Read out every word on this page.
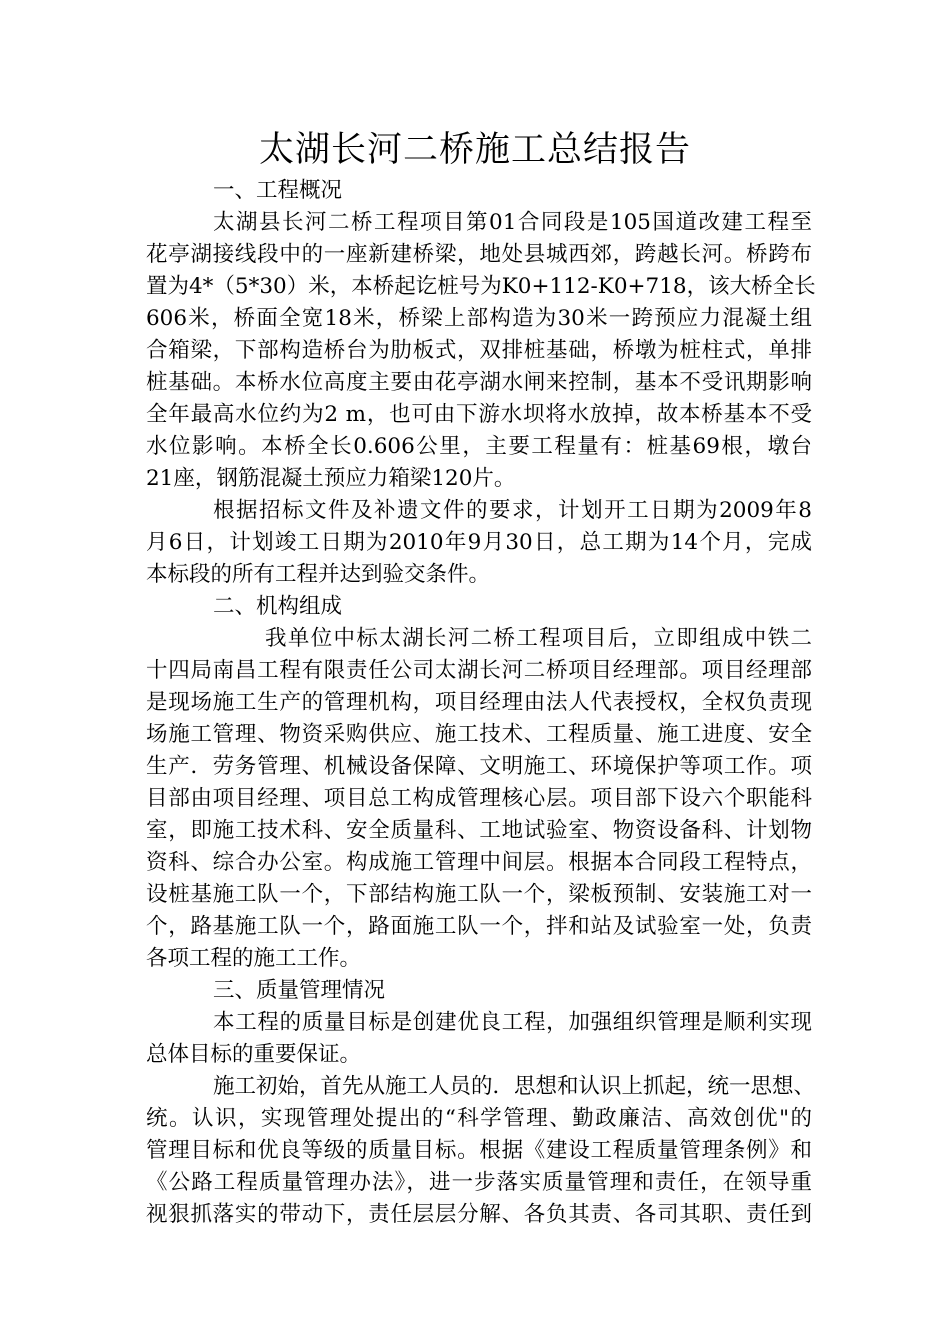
太湖长河二桥施工总结报告
一、工程概况
太湖县长河二桥工程项目第01合同段是105国道改建工程至
花亭湖接线段中的一座新建桥梁，地处县城西郊，跨越长河。桥跨布
置为4*（5*30）米，本桥起讫桩号为K0+112-K0+718，该大桥全长
606米，桥面全宽18米，桥梁上部构造为30米一跨预应力混凝土组
合箱梁，下部构造桥台为肋板式，双排桩基础，桥墩为桩柱式，单排
桩基础。本桥水位高度主要由花亭湖水闸来控制，基本不受讯期影响
全年最高水位约为2 m，也可由下游水坝将水放掉，故本桥基本不受
水位影响。本桥全长0.606公里，主要工程量有：桩基69根，墩台
21座，钢筋混凝土预应力箱梁120片。
根据招标文件及补遗文件的要求，计划开工日期为2009年8
月6日，计划竣工日期为2010年9月30日，总工期为14个月，完成
本标段的所有工程并达到验交条件。
二、机构组成
我单位中标太湖长河二桥工程项目后，立即组成中铁二
十四局南昌工程有限责任公司太湖长河二桥项目经理部。项目经理部
是现场施工生产的管理机构，项目经理由法人代表授权，全权负责现
场施工管理、物资采购供应、施工技术、工程质量、施工进度、安全
生产．劳务管理、机械设备保障、文明施工、环境保护等项工作。项
目部由项目经理、项目总工构成管理核心层。项目部下设六个职能科
室，即施工技术科、安全质量科、工地试验室、物资设备科、计划物
资科、综合办公室。构成施工管理中间层。根据本合同段工程特点，
设桩基施工队一个，下部结构施工队一个，梁板预制、安装施工对一
个，路基施工队一个，路面施工队一个，拌和站及试验室一处，负责
各项工程的施工工作。
三、质量管理情况
本工程的质量目标是创建优良工程，加强组织管理是顺利实现
总体目标的重要保证。
施工初始，首先从施工人员的．思想和认识上抓起，统一思想、
统。认识，实现管理处提出的“科学管理、勤政廉洁、高效创优"的
管理目标和优良等级的质量目标。根据《建设工程质量管理条例》和
《公路工程质量管理办法》，进一步落实质量管理和责任，在领导重
视狠抓落实的带动下，责任层层分解、各负其责、各司其职、责任到
